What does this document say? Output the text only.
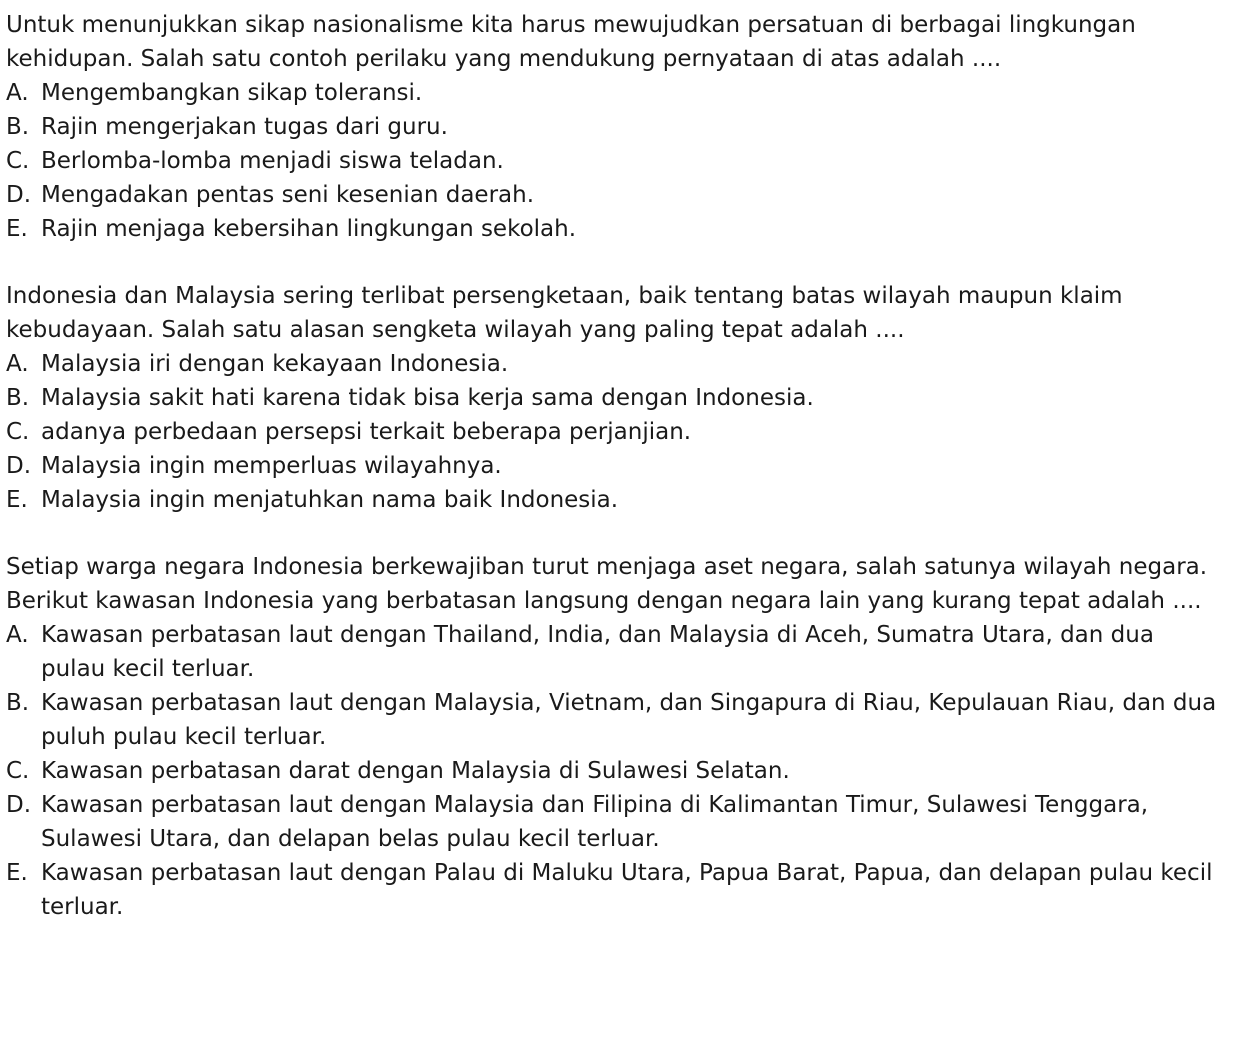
Untuk menunjukkan sikap nasionalisme kita harus mewujudkan persatuan di berbagai lingkungan kehidupan. Salah satu contoh perilaku yang mendukung pernyataan di atas adalah ....

A. Mengembangkan sikap toleransi.
B. Rajin mengerjakan tugas dari guru.
C. Berlomba-lomba menjadi siswa teladan.
D. Mengadakan pentas seni kesenian daerah.
E. Rajin menjaga kebersihan lingkungan sekolah.

Indonesia dan Malaysia sering terlibat persengketaan, baik tentang batas wilayah maupun klaim kebudayaan. Salah satu alasan sengketa wilayah yang paling tepat adalah ....

A. Malaysia iri dengan kekayaan Indonesia.
B. Malaysia sakit hati karena tidak bisa kerja sama dengan Indonesia.
C. adanya perbedaan persepsi terkait beberapa perjanjian.
D. Malaysia ingin memperluas wilayahnya.
E. Malaysia ingin menjatuhkan nama baik Indonesia.

Setiap warga negara Indonesia berkewajiban turut menjaga aset negara, salah satunya wilayah negara. Berikut kawasan Indonesia yang berbatasan langsung dengan negara lain yang kurang tepat adalah ....

A. Kawasan perbatasan laut dengan Thailand, India, dan Malaysia di Aceh, Sumatra Utara, dan dua pulau kecil terluar.
B. Kawasan perbatasan laut dengan Malaysia, Vietnam, dan Singapura di Riau, Kepulauan Riau, dan dua puluh pulau kecil terluar.
C. Kawasan perbatasan darat dengan Malaysia di Sulawesi Selatan.
D. Kawasan perbatasan laut dengan Malaysia dan Filipina di Kalimantan Timur, Sulawesi Tenggara, Sulawesi Utara, dan delapan belas pulau kecil terluar.
E. Kawasan perbatasan laut dengan Palau di Maluku Utara, Papua Barat, Papua, dan delapan pulau kecil terluar.
